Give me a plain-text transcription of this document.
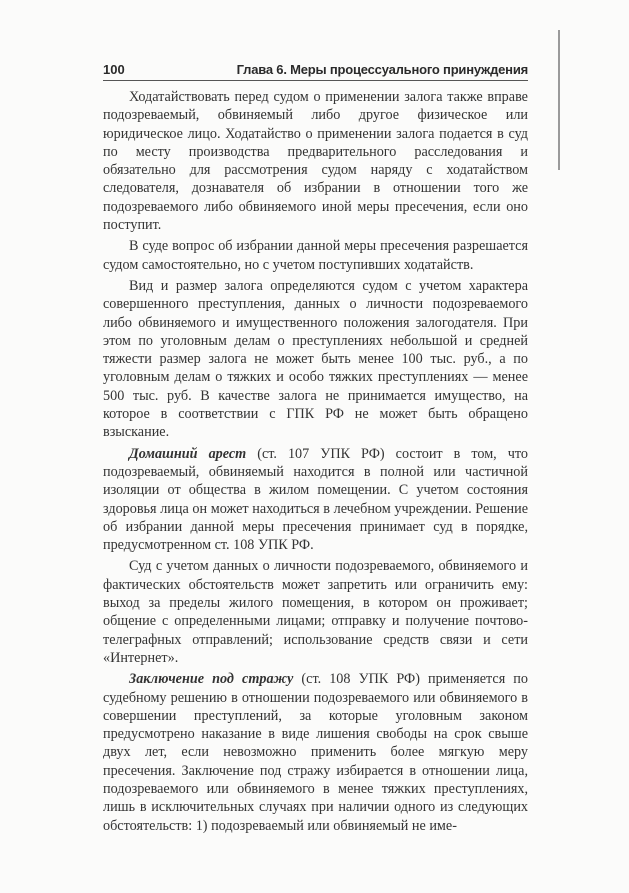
100	Глава 6. Меры процессуального принуждения

Ходатайствовать перед судом о применении залога также вправе подозреваемый, обвиняемый либо другое физическое или юридическое лицо. Ходатайство о применении залога подается в суд по месту производства предварительного расследования и обязательно для рассмотрения судом наряду с ходатайством следователя, дознавателя об избрании в отношении того же подозреваемого либо обвиняемого иной меры пресечения, если оно поступит.

В суде вопрос об избрании данной меры пресечения разрешается судом самостоятельно, но с учетом поступивших ходатайств.

Вид и размер залога определяются судом с учетом характера совершенного преступления, данных о личности подозреваемого либо обвиняемого и имущественного положения залогодателя. При этом по уголовным делам о преступлениях небольшой и средней тяжести размер залога не может быть менее 100 тыс. руб., а по уголовным делам о тяжких и особо тяжких преступлениях — менее 500 тыс. руб. В качестве залога не принимается имущество, на которое в соответствии с ГПК РФ не может быть обращено взыскание.

Домашний арест (ст. 107 УПК РФ) состоит в том, что подозреваемый, обвиняемый находится в полной или частичной изоляции от общества в жилом помещении. С учетом состояния здоровья лица он может находиться в лечебном учреждении. Решение об избрании данной меры пресечения принимает суд в порядке, предусмотренном ст. 108 УПК РФ.

Суд с учетом данных о личности подозреваемого, обвиняемого и фактических обстоятельств может запретить или ограничить ему: выход за пределы жилого помещения, в котором он проживает; общение с определенными лицами; отправку и получение почтово-телеграфных отправлений; использование средств связи и сети «Интернет».

Заключение под стражу (ст. 108 УПК РФ) применяется по судебному решению в отношении подозреваемого или обвиняемого в совершении преступлений, за которые уголовным законом предусмотрено наказание в виде лишения свободы на срок свыше двух лет, если невозможно применить более мягкую меру пресечения. Заключение под стражу избирается в отношении лица, подозреваемого или обвиняемого в менее тяжких преступлениях, лишь в исключительных случаях при наличии одного из следующих обстоятельств: 1) подозреваемый или обвиняемый не име-
